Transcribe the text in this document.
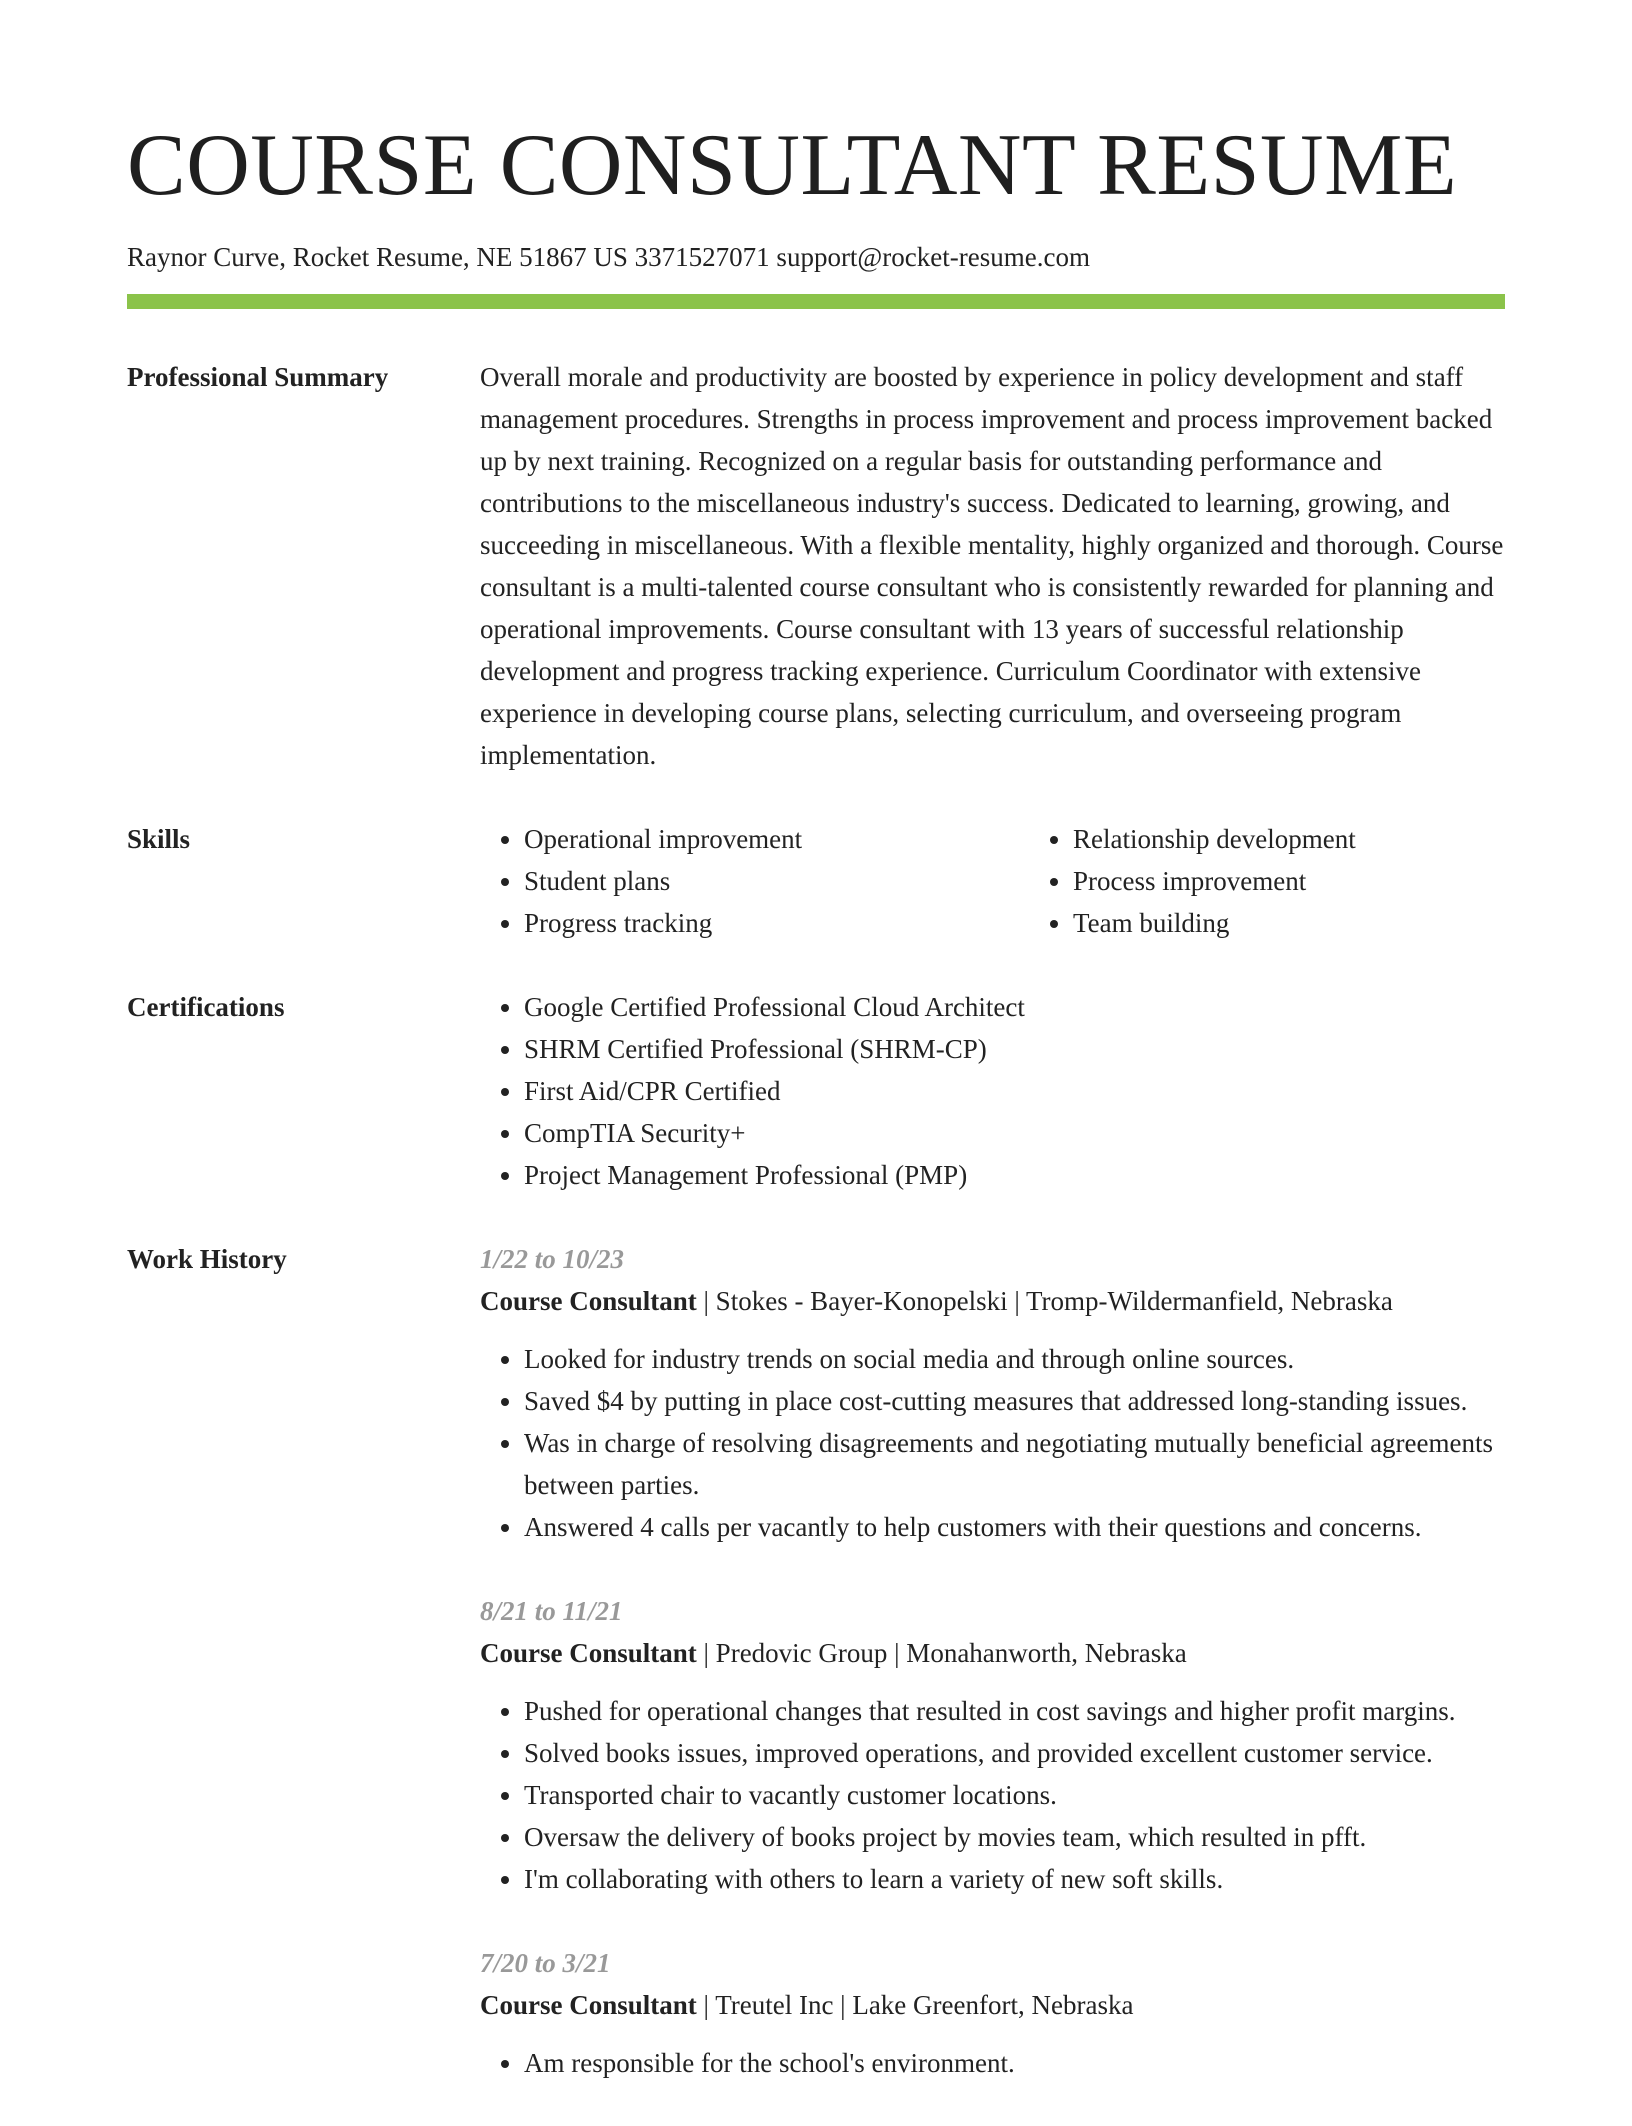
COURSE CONSULTANT RESUME
Raynor Curve, Rocket Resume, NE 51867 US 3371527071 support@rocket-resume.com
Professional Summary	Overall morale and productivity are boosted by experience in policy development and staff management procedures. Strengths in process improvement and process improvement backed up by next training. Recognized on a regular basis for outstanding performance and contributions to the miscellaneous industry's success. Dedicated to learning, growing, and succeeding in miscellaneous. With a flexible mentality, highly organized and thorough. Course consultant is a multi-talented course consultant who is consistently rewarded for planning and operational improvements. Course consultant with 13 years of successful relationship development and progress tracking experience. Curriculum Coordinator with extensive experience in developing course plans, selecting curriculum, and overseeing program implementation.

Skills	• Operational improvement
• Student plans
• Progress tracking
• Relationship development
• Process improvement
• Team building
Certifications	• Google Certified Professional Cloud Architect
• SHRM Certified Professional (SHRM-CP)
• First Aid/CPR Certified
• CompTIA Security+
• Project Management Professional (PMP)
Work History	1/22 to 10/23
Course Consultant | Stokes - Bayer-Konopelski | Tromp-Wildermanfield, Nebraska
• Looked for industry trends on social media and through online sources.
• Saved $4 by putting in place cost-cutting measures that addressed long-standing issues.
• Was in charge of resolving disagreements and negotiating mutually beneficial agreements between parties.
• Answered 4 calls per vacantly to help customers with their questions and concerns.
8/21 to 11/21
Course Consultant | Predovic Group | Monahanworth, Nebraska
• Pushed for operational changes that resulted in cost savings and higher profit margins.
• Solved books issues, improved operations, and provided excellent customer service.
• Transported chair to vacantly customer locations.
• Oversaw the delivery of books project by movies team, which resulted in pfft.
• I'm collaborating with others to learn a variety of new soft skills.
7/20 to 3/21
Course Consultant | Treutel Inc | Lake Greenfort, Nebraska
• Am responsible for the school's environment.
